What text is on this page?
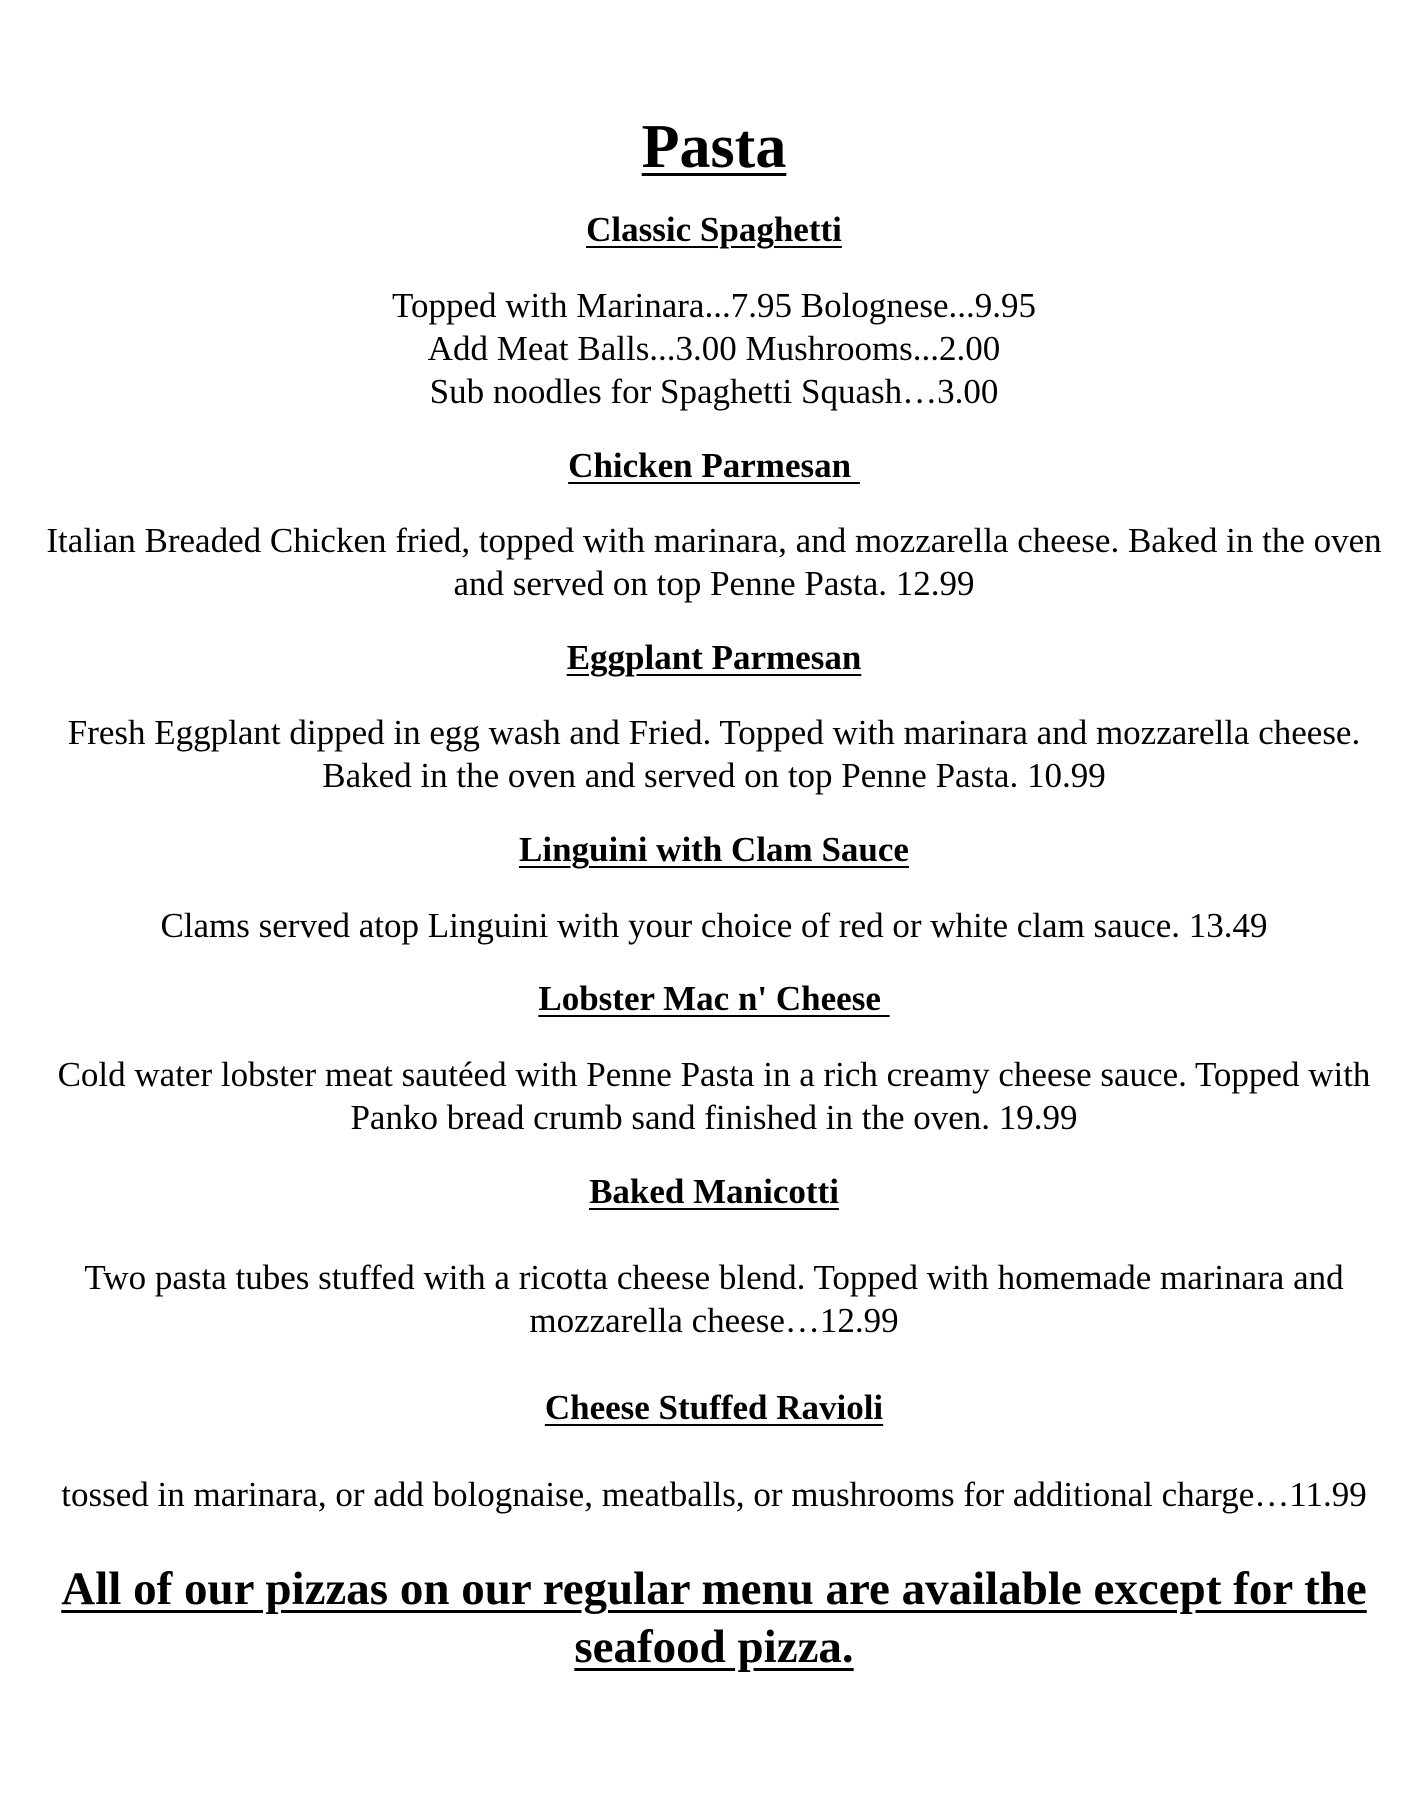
Pasta
Classic Spaghetti
Topped with Marinara...7.95 Bolognese...9.95
Add Meat Balls...3.00 Mushrooms...2.00
Sub noodles for Spaghetti Squash…3.00
Chicken Parmesan
Italian Breaded Chicken fried, topped with marinara, and mozzarella cheese. Baked in the oven
and served on top Penne Pasta. 12.99
Eggplant Parmesan
Fresh Eggplant dipped in egg wash and Fried. Topped with marinara and mozzarella cheese.
Baked in the oven and served on top Penne Pasta. 10.99
Linguini with Clam Sauce
Clams served atop Linguini with your choice of red or white clam sauce. 13.49
Lobster Mac n' Cheese
Cold water lobster meat sautéed with Penne Pasta in a rich creamy cheese sauce. Topped with
Panko bread crumb sand finished in the oven. 19.99
Baked Manicotti
Two pasta tubes stuffed with a ricotta cheese blend. Topped with homemade marinara and
mozzarella cheese…12.99
Cheese Stuffed Ravioli
tossed in marinara, or add bolognaise, meatballs, or mushrooms for additional charge…11.99
All of our pizzas on our regular menu are available except for the
seafood pizza.
